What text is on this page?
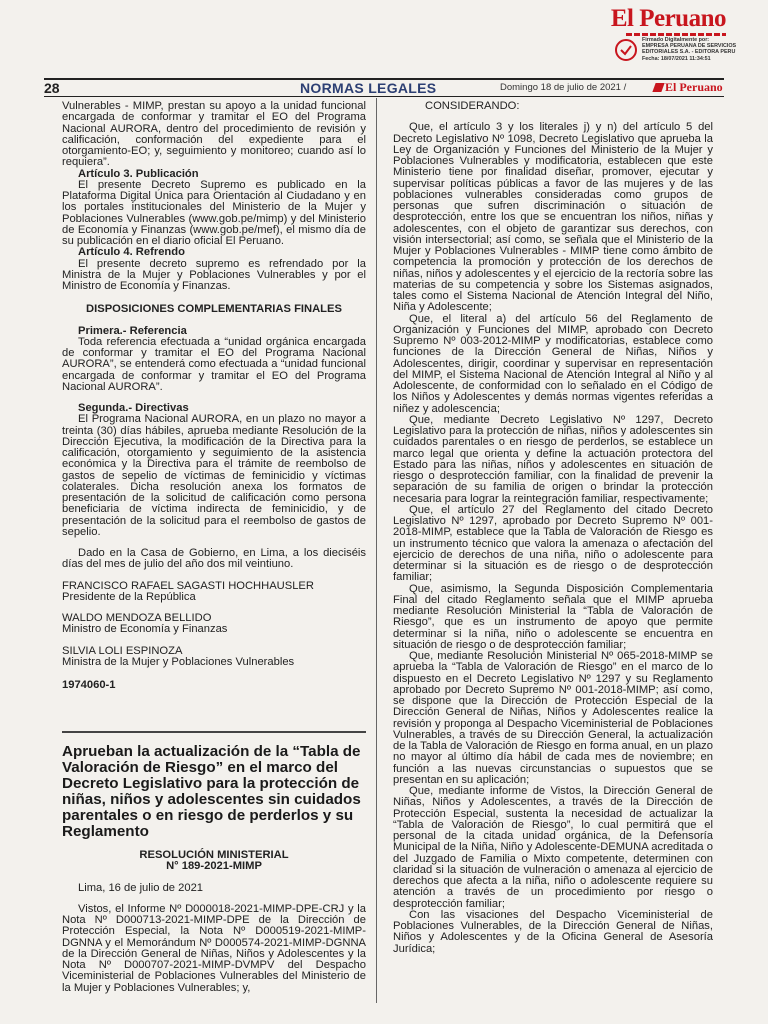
El Peruano
Firmado Digitalmente por:
EMPRESA PERUANA DE SERVICIOS
EDITORIALES S.A. - EDITORA PERU
Fecha: 18/07/2021 11:34:51
28	NORMAS LEGALES	Domingo 18 de julio de 2021 /	El Peruano

Vulnerables - MIMP, prestan su apoyo a la unidad funcional encargada de conformar y tramitar el EO del Programa Nacional AURORA, dentro del procedimiento de revisión y calificación, conformación del expediente para el otorgamiento-EO; y, seguimiento y monitoreo; cuando así lo requiera”.

Artículo 3. Publicación

El presente Decreto Supremo es publicado en la Plataforma Digital Única para Orientación al Ciudadano y en los portales institucionales del Ministerio de la Mujer y Poblaciones Vulnerables (www.gob.pe/mimp) y del Ministerio de Economía y Finanzas (www.gob.pe/mef), el mismo día de su publicación en el diario oficial El Peruano.

Artículo 4. Refrendo

El presente decreto supremo es refrendado por la Ministra de la Mujer y Poblaciones Vulnerables y por el Ministro de Economía y Finanzas.

DISPOSICIONES COMPLEMENTARIAS FINALES

Primera.- Referencia

Toda referencia efectuada a “unidad orgánica encargada de conformar y tramitar el EO del Programa Nacional AURORA”, se entenderá como efectuada a “unidad funcional encargada de conformar y tramitar el EO del Programa Nacional AURORA”.

Segunda.- Directivas

El Programa Nacional AURORA, en un plazo no mayor a treinta (30) días hábiles, aprueba mediante Resolución de la Dirección Ejecutiva, la modificación de la Directiva para la calificación, otorgamiento y seguimiento de la asistencia económica y la Directiva para el trámite de reembolso de gastos de sepelio de víctimas de feminicidio y víctimas colaterales. Dicha resolución anexa los formatos de presentación de la solicitud de calificación como persona beneficiaria de víctima indirecta de feminicidio, y de presentación de la solicitud para el reembolso de gastos de sepelio.

Dado en la Casa de Gobierno, en Lima, a los dieciséis días del mes de julio del año dos mil veintiuno.

FRANCISCO RAFAEL SAGASTI HOCHHAUSLER

Presidente de la República

WALDO MENDOZA BELLIDO

Ministro de Economía y Finanzas

SILVIA LOLI ESPINOZA

Ministra de la Mujer y Poblaciones Vulnerables

1974060-1

Aprueban la actualización de la “Tabla de Valoración de Riesgo” en el marco del Decreto Legislativo para la protección de niñas, niños y adolescentes sin cuidados parentales o en riesgo de perderlos y su Reglamento

RESOLUCIÓN MINISTERIAL

N° 189-2021-MIMP

Lima, 16 de julio de 2021

Vistos, el Informe Nº D000018-2021-MIMP-DPE-CRJ y la Nota Nº D000713-2021-MIMP-DPE de la Dirección de Protección Especial, la Nota Nº D000519-2021-MIMP-DGNNA y el Memorándum Nº D000574-2021-MIMP-DGNNA de la Dirección General de Niñas, Niños y Adolescentes y la Nota Nº D000707-2021-MIMP-DVMPV del Despacho Viceministerial de Poblaciones Vulnerables del Ministerio de la Mujer y Poblaciones Vulnerables; y,

CONSIDERANDO:

Que, el artículo 3 y los literales j) y n) del artículo 5 del Decreto Legislativo Nº 1098, Decreto Legislativo que aprueba la Ley de Organización y Funciones del Ministerio de la Mujer y Poblaciones Vulnerables y modificatoria, establecen que este Ministerio tiene por finalidad diseñar, promover, ejecutar y supervisar políticas públicas a favor de las mujeres y de las poblaciones vulnerables consideradas como grupos de personas que sufren discriminación o situación de desprotección, entre los que se encuentran los niños, niñas y adolescentes, con el objeto de garantizar sus derechos, con visión intersectorial; así como, se señala que el Ministerio de la Mujer y Poblaciones Vulnerables - MIMP tiene como ámbito de competencia la promoción y protección de los derechos de niñas, niños y adolescentes y el ejercicio de la rectoría sobre las materias de su competencia y sobre los Sistemas asignados, tales como el Sistema Nacional de Atención Integral del Niño, Niña y Adolescente;

Que, el literal a) del artículo 56 del Reglamento de Organización y Funciones del MIMP, aprobado con Decreto Supremo Nº 003-2012-MIMP y modificatorias, establece como funciones de la Dirección General de Niñas, Niños y Adolescentes, dirigir, coordinar y supervisar en representación del MIMP, el Sistema Nacional de Atención Integral al Niño y al Adolescente, de conformidad con lo señalado en el Código de los Niños y Adolescentes y demás normas vigentes referidas a niñez y adolescencia;

Que, mediante Decreto Legislativo Nº 1297, Decreto Legislativo para la protección de niñas, niños y adolescentes sin cuidados parentales o en riesgo de perderlos, se establece un marco legal que orienta y define la actuación protectora del Estado para las niñas, niños y adolescentes en situación de riesgo o desprotección familiar, con la finalidad de prevenir la separación de su familia de origen o brindar la protección necesaria para lograr la reintegración familiar, respectivamente;

Que, el artículo 27 del Reglamento del citado Decreto Legislativo Nº 1297, aprobado por Decreto Supremo Nº 001-2018-MIMP, establece que la Tabla de Valoración de Riesgo es un instrumento técnico que valora la amenaza o afectación del ejercicio de derechos de una niña, niño o adolescente para determinar si la situación es de riesgo o de desprotección familiar;

Que, asimismo, la Segunda Disposición Complementaria Final del citado Reglamento señala que el MIMP aprueba mediante Resolución Ministerial la “Tabla de Valoración de Riesgo”, que es un instrumento de apoyo que permite determinar si la niña, niño o adolescente se encuentra en situación de riesgo o de desprotección familiar;

Que, mediante Resolución Ministerial Nº 065-2018-MIMP se aprueba la “Tabla de Valoración de Riesgo” en el marco de lo dispuesto en el Decreto Legislativo Nº 1297 y su Reglamento aprobado por Decreto Supremo Nº 001-2018-MIMP; así como, se dispone que la Dirección de Protección Especial de la Dirección General de Niñas, Niños y Adolescentes realice la revisión y proponga al Despacho Viceministerial de Poblaciones Vulnerables, a través de su Dirección General, la actualización de la Tabla de Valoración de Riesgo en forma anual, en un plazo no mayor al último día hábil de cada mes de noviembre; en función a las nuevas circunstancias o supuestos que se presentan en su aplicación;

Que, mediante informe de Vistos, la Dirección General de Niñas, Niños y Adolescentes, a través de la Dirección de Protección Especial, sustenta la necesidad de actualizar la “Tabla de Valoración de Riesgo”, lo cual permitirá que el personal de la citada unidad orgánica, de la Defensoría Municipal de la Niña, Niño y Adolescente-DEMUNA acreditada o del Juzgado de Familia o Mixto competente, determinen con claridad si la situación de vulneración o amenaza al ejercicio de derechos que afecta a la niña, niño o adolescente requiere su atención a través de un procedimiento por riesgo o desprotección familiar;

Con las visaciones del Despacho Viceministerial de Poblaciones Vulnerables, de la Dirección General de Niñas, Niños y Adolescentes y de la Oficina General de Asesoría Jurídica;
